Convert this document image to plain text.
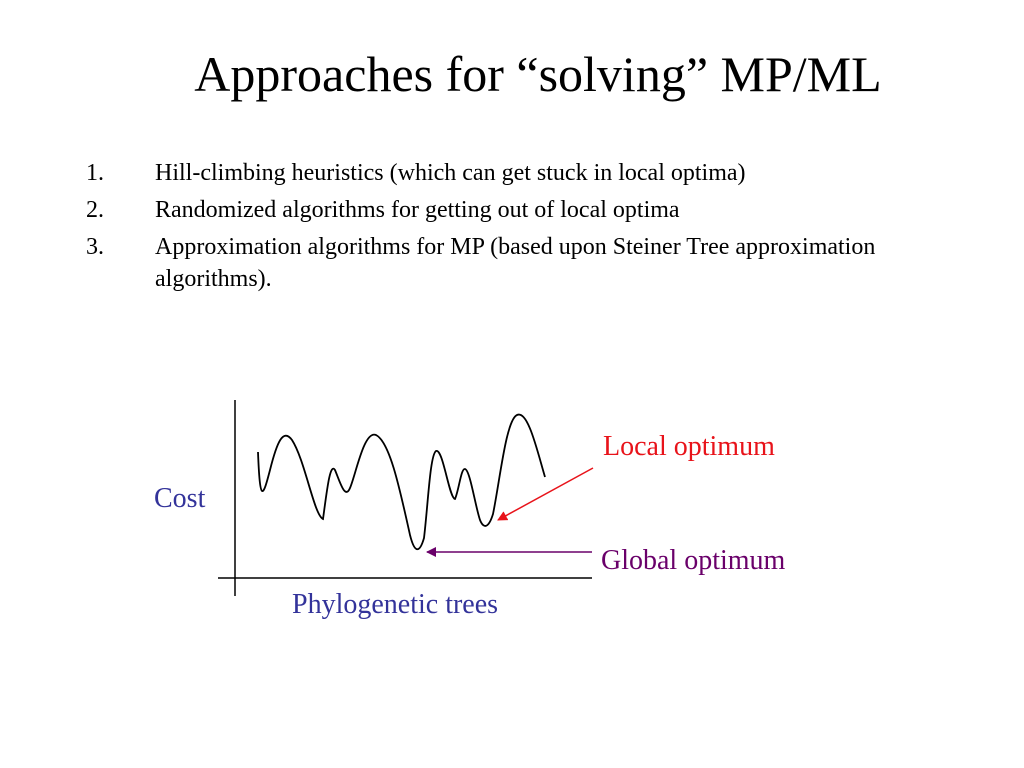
Approaches for “solving” MP/ML
1. Hill-climbing heuristics (which can get stuck in local optima)
2. Randomized algorithms for getting out of local optima
3. Approximation algorithms for MP (based upon Steiner Tree approximation algorithms).
Cost
Phylogenetic trees
Local optimum
Global optimum
